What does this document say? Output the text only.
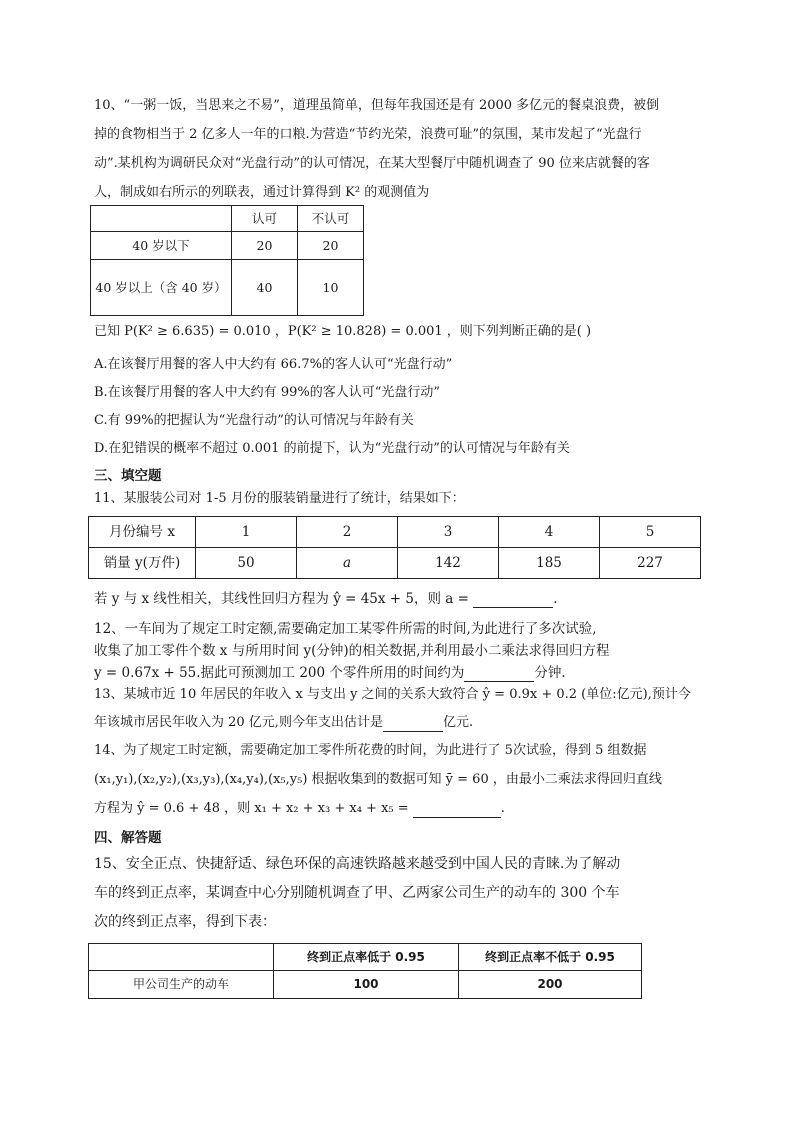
10、“一粥一饭，当思来之不易”，道理虽简单，但每年我国还是有 2000 多亿元的餐桌浪费，被倒
掉的食物相当于 2 亿多人一年的口粮.为营造“节约光荣，浪费可耻”的氛围，某市发起了“光盘行
动”.某机构为调研民众对“光盘行动”的认可情况，在某大型餐厅中随机调查了 90 位来店就餐的客
人，制成如右所示的列联表，通过计算得到 K² 的观测值为
	认可	不认可
40 岁以下	20	20
40 岁以上（含 40 岁）	40	10
已知 P(K² ≥ 6.635) = 0.010 ，P(K² ≥ 10.828) = 0.001 ，则下列判断正确的是( )
A.在该餐厅用餐的客人中大约有 66.7%的客人认可“光盘行动”
B.在该餐厅用餐的客人中大约有 99%的客人认可“光盘行动”
C.有 99%的把握认为“光盘行动”的认可情况与年龄有关
D.在犯错误的概率不超过 0.001 的前提下，认为“光盘行动”的认可情况与年龄有关
三、填空题
11、某服装公司对 1-5 月份的服装销量进行了统计，结果如下：
月份编号 x	1	2	3	4	5
销量 y(万件)	50	a	142	185	227
若 y 与 x 线性相关，其线性回归方程为 ŷ = 45x + 5，则 a =	.
12、一车间为了规定工时定额,需要确定加工某零件所需的时间,为此进行了多次试验,
收集了加工零件个数 x 与所用时间 y(分钟)的相关数据,并利用最小二乘法求得回归方程
y = 0.67x + 55.据此可预测加工 200 个零件所用的时间约为	分钟.
13、某城市近 10 年居民的年收入 x 与支出 y 之间的关系大致符合 ŷ = 0.9x + 0.2 (单位:亿元),预计今
年该城市居民年收入为 20 亿元,则今年支出估计是	亿元.
14、为了规定工时定额，需要确定加工零件所花费的时间，为此进行了 5次试验，得到 5 组数据
(x₁,y₁),(x₂,y₂),(x₃,y₃),(x₄,y₄),(x₅,y₅) 根据收集到的数据可知 ȳ = 60 ，由最小二乘法求得回归直线
方程为 ŷ = 0.6 + 48 ，则 x₁ + x₂ + x₃ + x₄ + x₅ =	.
四、解答题
15、安全正点、快捷舒适、绿色环保的高速铁路越来越受到中国人民的青睐.为了解动
车的终到正点率，某调查中心分别随机调查了甲、乙两家公司生产的动车的 300 个车
次的终到正点率，得到下表：
	终到正点率低于 0.95	终到正点率不低于 0.95
甲公司生产的动车	100	200
